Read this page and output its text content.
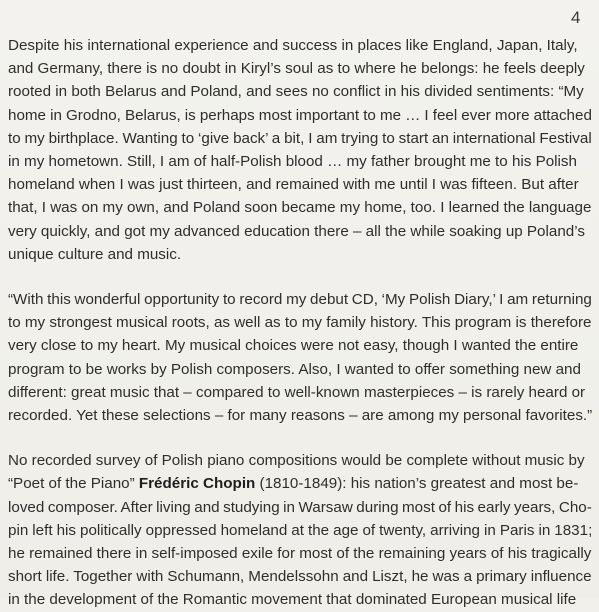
4

Despite his international experience and success in places like England, Japan, Italy,
and Germany, there is no doubt in Kiryl’s soul as to where he belongs: he feels deeply
rooted in both Belarus and Poland, and sees no conflict in his divided sentiments: “My
home in Grodno, Belarus, is perhaps most important to me … I feel ever more attached
to my birthplace. Wanting to ‘give back’ a bit, I am trying to start an international Festival
in my hometown. Still, I am of half-Polish blood … my father brought me to his Polish
homeland when I was just thirteen, and remained with me until I was fifteen. But after
that, I was on my own, and Poland soon became my home, too. I learned the language
very quickly, and got my advanced education there – all the while soaking up Poland’s
unique culture and music.

“With this wonderful opportunity to record my debut CD, ‘My Polish Diary,’ I am returning
to my strongest musical roots, as well as to my family history. This program is therefore
very close to my heart. My musical choices were not easy, though I wanted the entire
program to be works by Polish composers. Also, I wanted to offer something new and
different: great music that – compared to well-known masterpieces – is rarely heard or
recorded. Yet these selections – for many reasons – are among my personal favorites.”

No recorded survey of Polish piano compositions would be complete without music by
“Poet of the Piano” Frédéric Chopin (1810-1849): his nation’s greatest and most be-
loved composer. After living and studying in Warsaw during most of his early years, Cho-
pin left his politically oppressed homeland at the age of twenty, arriving in Paris in 1831;
he remained there in self-imposed exile for most of the remaining years of his tragically
short life. Together with Schumann, Mendelssohn and Liszt, he was a primary influence
in the development of the Romantic movement that dominated European musical life
